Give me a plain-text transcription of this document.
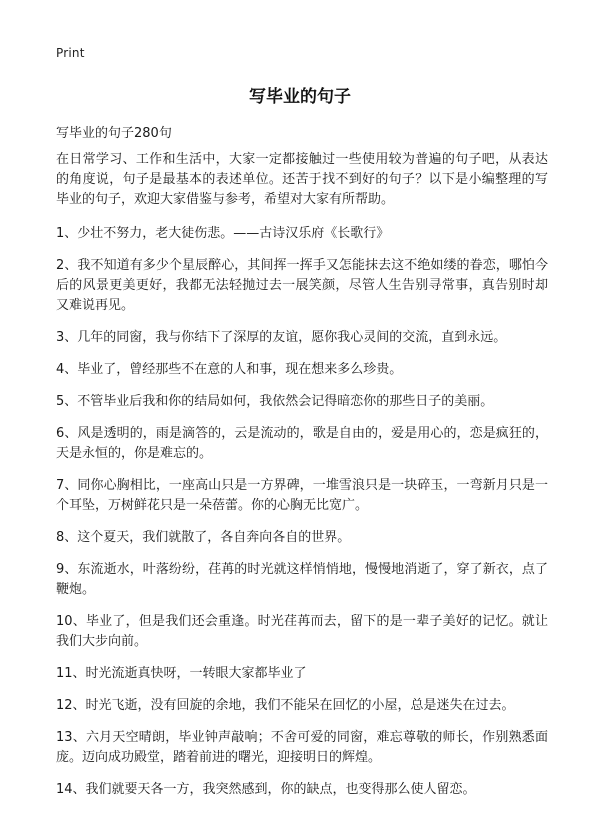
Print
写毕业的句子
写毕业的句子280句

在日常学习、工作和生活中，大家一定都接触过一些使用较为普遍的句子吧，从表达的角度说，句子是最基本的表述单位。还苦于找不到好的句子？以下是小编整理的写毕业的句子，欢迎大家借鉴与参考，希望对大家有所帮助。

1、少壮不努力，老大徒伤悲。——古诗汉乐府《长歌行》

2、我不知道有多少个星辰醉心，其间挥一挥手又怎能抹去这不绝如缕的眷恋，哪怕今后的风景更美更好，我都无法轻抛过去一展笑颜，尽管人生告别寻常事，真告别时却又难说再见。

3、几年的同窗，我与你结下了深厚的友谊，愿你我心灵间的交流，直到永远。

4、毕业了，曾经那些不在意的人和事，现在想来多么珍贵。

5、不管毕业后我和你的结局如何，我依然会记得暗恋你的那些日子的美丽。

6、风是透明的，雨是滴答的，云是流动的，歌是自由的，爱是用心的，恋是疯狂的，天是永恒的，你是难忘的。

7、同你心胸相比，一座高山只是一方界碑，一堆雪浪只是一块碎玉，一弯新月只是一个耳坠，万树鲜花只是一朵蓓蕾。你的心胸无比宽广。

8、这个夏天，我们就散了，各自奔向各自的世界。

9、东流逝水，叶落纷纷，荏苒的时光就这样悄悄地，慢慢地消逝了，穿了新衣，点了鞭炮。

10、毕业了，但是我们还会重逢。时光荏苒而去，留下的是一辈子美好的记忆。就让我们大步向前。

11、时光流逝真快呀，一转眼大家都毕业了

12、时光飞逝，没有回旋的余地，我们不能呆在回忆的小屋，总是迷失在过去。

13、六月天空晴朗，毕业钟声敲响；不舍可爱的同窗，难忘尊敬的师长，作别熟悉面庞。迈向成功殿堂，踏着前进的曙光，迎接明日的辉煌。

14、我们就要天各一方，我突然感到，你的缺点，也变得那么使人留恋。
